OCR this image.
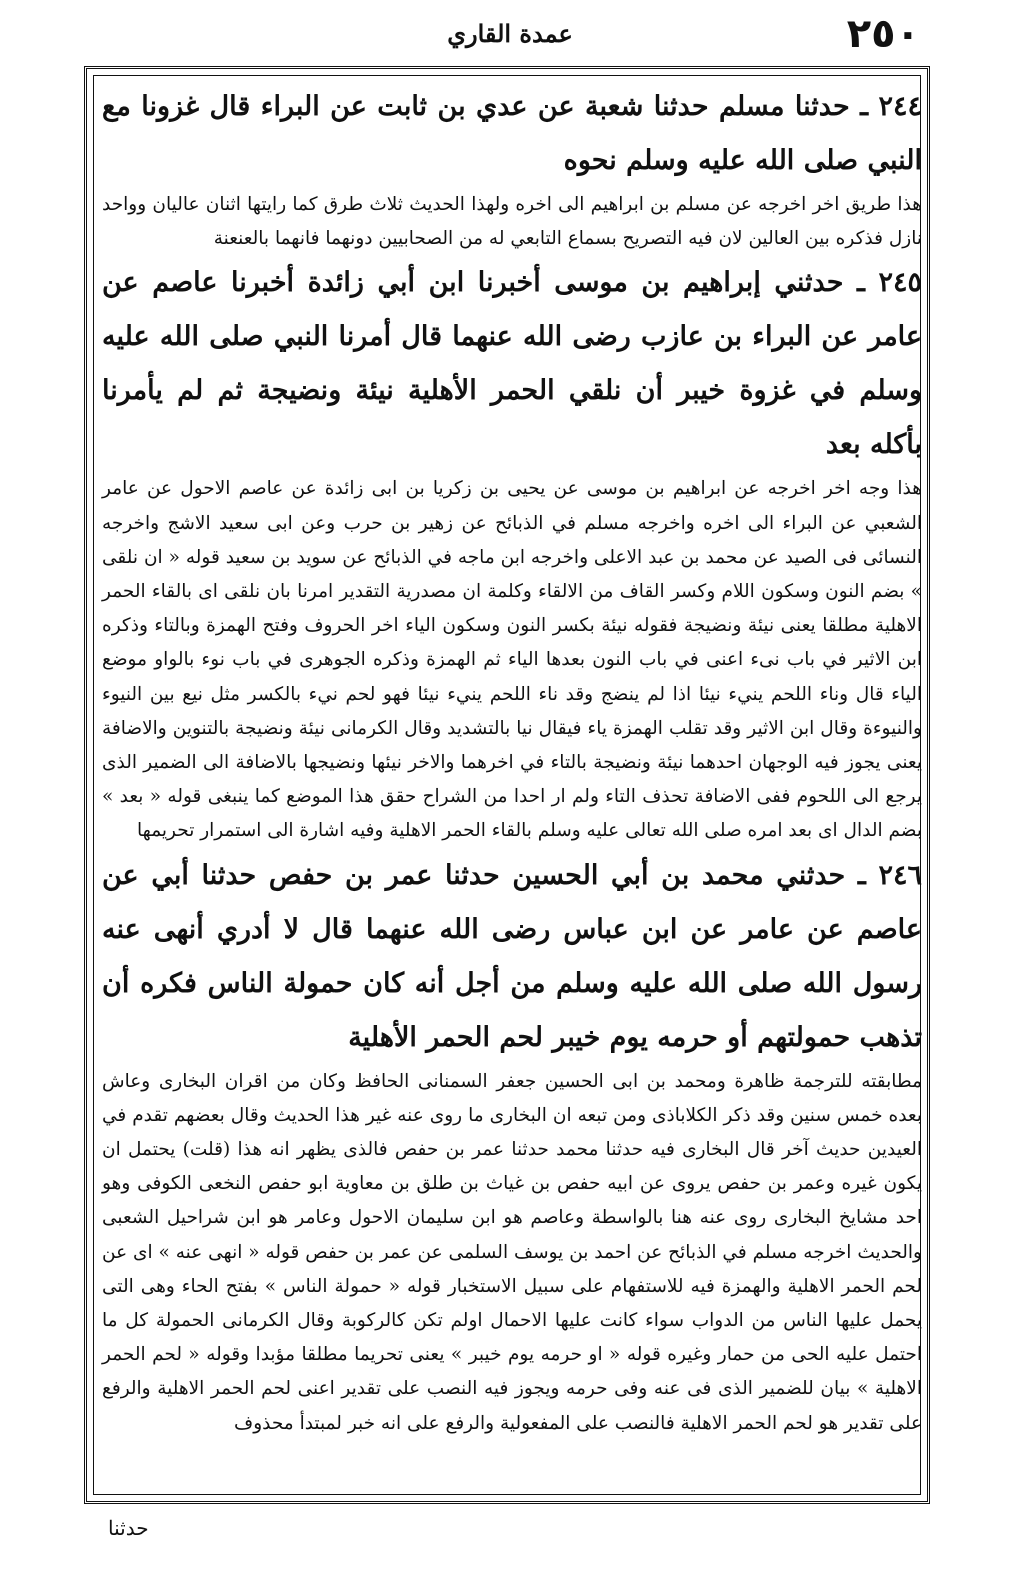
عمدة القاري	٢٥٠

٢٤٤ ـ حدثنا مسلم حدثنا شعبة عن عدي بن ثابت عن البراء قال غزونا مع النبي صلى الله عليه وسلم نحوه

هذا طريق اخر اخرجه عن مسلم بن ابراهيم الى اخره ولهذا الحديث ثلاث طرق كما رايتها اثنان عاليان وواحد نازل فذكره بين العالين لان فيه التصريح بسماع التابعي له من الصحابيين دونهما فانهما بالعنعنة

٢٤٥ ـ حدثني إبراهيم بن موسى أخبرنا ابن أبي زائدة أخبرنا عاصم عن عامر عن البراء بن عازب رضى الله عنهما قال أمرنا النبي صلى الله عليه وسلم في غزوة خيبر أن نلقي الحمر الأهلية نيئة ونضيجة ثم لم يأمرنا بأكله بعد

هذا وجه اخر اخرجه عن ابراهيم بن موسى عن يحيى بن زكريا بن ابى زائدة عن عاصم الاحول عن عامر الشعبي عن البراء الى اخره واخرجه مسلم في الذبائح عن زهير بن حرب وعن ابى سعيد الاشج واخرجه النسائى فى الصيد عن محمد بن عبد الاعلى واخرجه ابن ماجه في الذبائح عن سويد بن سعيد قوله « ان نلقى » بضم النون وسكون اللام وكسر القاف من الالقاء وكلمة ان مصدرية التقدير امرنا بان نلقى اى بالقاء الحمر الاهلية مطلقا يعنى نيئة ونضيجة فقوله نيئة بكسر النون وسكون الياء اخر الحروف وفتح الهمزة وبالتاء وذكره ابن الاثير في باب نىء اعنى في باب النون بعدها الياء ثم الهمزة وذكره الجوهرى في باب نوء بالواو موضع الياء قال وناء اللحم ينيء نيئا اذا لم ينضج وقد ناء اللحم ينيء نيئا فهو لحم نيء بالكسر مثل نيع بين النيوء والنيوءة وقال ابن الاثير وقد تقلب الهمزة ياء فيقال نيا بالتشديد وقال الكرمانى نيئة ونضيجة بالتنوين والاضافة يعنى يجوز فيه الوجهان احدهما نيئة ونضيجة بالتاء في اخرهما والاخر نيئها ونضيجها بالاضافة الى الضمير الذى يرجع الى اللحوم ففى الاضافة تحذف التاء ولم ار احدا من الشراح حقق هذا الموضع كما ينبغى قوله « بعد » بضم الدال اى بعد امره صلى الله تعالى عليه وسلم بالقاء الحمر الاهلية وفيه اشارة الى استمرار تحريمها

٢٤٦ ـ حدثني محمد بن أبي الحسين حدثنا عمر بن حفص حدثنا أبي عن عاصم عن عامر عن ابن عباس رضى الله عنهما قال لا أدري أنهى عنه رسول الله صلى الله عليه وسلم من أجل أنه كان حمولة الناس فكره أن تذهب حمولتهم أو حرمه يوم خيبر لحم الحمر الأهلية

مطابقته للترجمة ظاهرة ومحمد بن ابى الحسين جعفر السمنانى الحافظ وكان من اقران البخارى وعاش بعده خمس سنين وقد ذكر الكلاباذى ومن تبعه ان البخارى ما روى عنه غير هذا الحديث وقال بعضهم تقدم في العيدين حديث آخر قال البخارى فيه حدثنا محمد حدثنا عمر بن حفص فالذى يظهر انه هذا (قلت) يحتمل ان يكون غيره وعمر بن حفص يروى عن ابيه حفص بن غياث بن طلق بن معاوية ابو حفص النخعى الكوفى وهو احد مشايخ البخارى روى عنه هنا بالواسطة وعاصم هو ابن سليمان الاحول وعامر هو ابن شراحيل الشعبى والحديث اخرجه مسلم في الذبائح عن احمد بن يوسف السلمى عن عمر بن حفص قوله « انهى عنه » اى عن لحم الحمر الاهلية والهمزة فيه للاستفهام على سبيل الاستخبار قوله « حمولة الناس » بفتح الحاء وهى التى يحمل عليها الناس من الدواب سواء كانت عليها الاحمال اولم تكن كالركوبة وقال الكرمانى الحمولة كل ما احتمل عليه الحى من حمار وغيره قوله « او حرمه يوم خيبر » يعنى تحريما مطلقا مؤبدا وقوله « لحم الحمر الاهلية » بيان للضمير الذى فى عنه وفى حرمه ويجوز فيه النصب على تقدير اعنى لحم الحمر الاهلية والرفع على تقدير هو لحم الحمر الاهلية فالنصب على المفعولية والرفع على انه خبر لمبتدأ محذوف

حدثنا
